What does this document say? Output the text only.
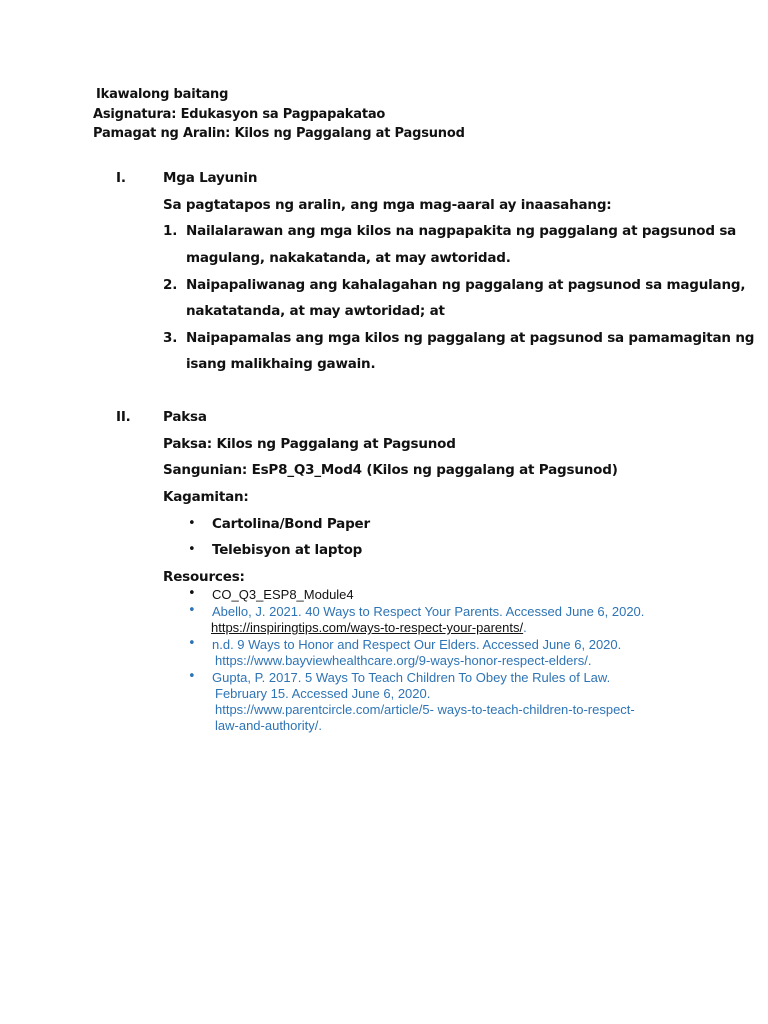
Ikawalong baitang
Asignatura: Edukasyon sa Pagpapakatao
Pamagat ng Aralin: Kilos ng Paggalang at Pagsunod
I.	Mga Layunin
Sa pagtatapos ng aralin, ang mga mag-aaral ay inaasahang:
1. Nailalarawan ang mga kilos na nagpapakita ng paggalang at pagsunod sa
magulang, nakakatanda, at may awtoridad.
2. Naipapaliwanag ang kahalagahan ng paggalang at pagsunod sa magulang,
nakatatanda, at may awtoridad; at
3. Naipapamalas ang mga kilos ng paggalang at pagsunod sa pamamagitan ng
isang malikhaing gawain.
II. Paksa
Paksa: Kilos ng Paggalang at Pagsunod
Sangunian: EsP8_Q3_Mod4 (Kilos ng paggalang at Pagsunod)
Kagamitan:
• Cartolina/Bond Paper
• Telebisyon at laptop
Resources:
• CO_Q3_ESP8_Module4
• Abello, J. 2021. 40 Ways to Respect Your Parents. Accessed June 6, 2020.
https://inspiringtips.com/ways-to-respect-your-parents/.
• n.d. 9 Ways to Honor and Respect Our Elders. Accessed June 6, 2020.
https://www.bayviewhealthcare.org/9-ways-honor-respect-elders/.
• Gupta, P. 2017. 5 Ways To Teach Children To Obey the Rules of Law.
February 15. Accessed June 6, 2020.
https://www.parentcircle.com/article/5- ways-to-teach-children-to-respect-
law-and-authority/.
